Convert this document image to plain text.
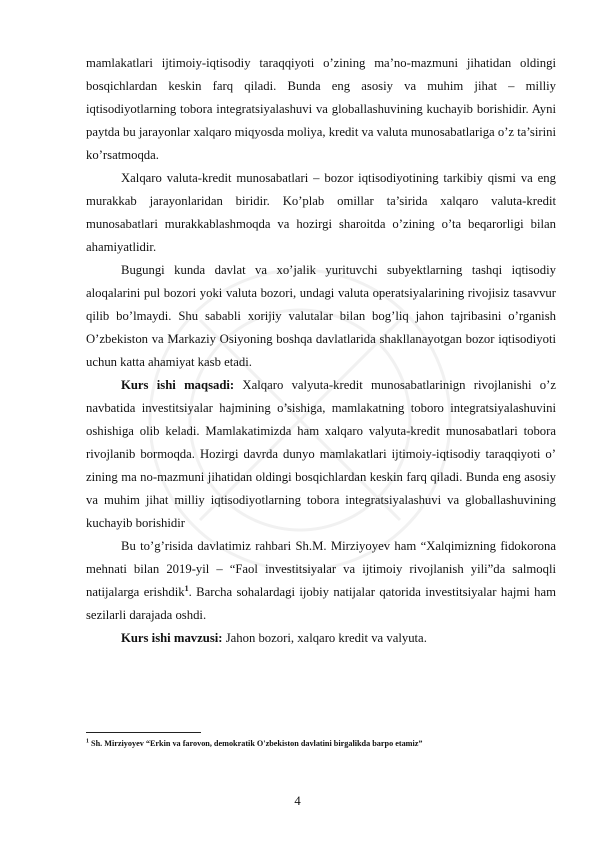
mamlakatlari ijtimoiy-iqtisodiy taraqqiyoti o’zining ma’no-mazmuni jihatidan oldingi bosqichlardan keskin farq qiladi. Bunda eng asosiy va muhim jihat – milliy iqtisodiyotlarning tobora integratsiyalashuvi va globallashuvining kuchayib borishidir. Ayni paytda bu jarayonlar xalqaro miqyosda moliya, kredit va valuta munosabatlariga o’z ta’sirini ko’rsatmoqda.

Xalqaro valuta-kredit munosabatlari – bozor iqtisodiyotining tarkibiy qismi va eng murakkab jarayonlaridan biridir. Ko’plab omillar ta’sirida xalqaro valuta-kredit munosabatlari murakkablashmoqda va hozirgi sharoitda o’zining o’ta beqarorligi bilan ahamiyatlidir.

Bugungi kunda davlat va xo’jalik yurituvchi subyektlarning tashqi iqtisodiy aloqalarini pul bozori yoki valuta bozori, undagi valuta operatsiyalarining rivojisiz tasavvur qilib bo’lmaydi. Shu sababli xorijiy valutalar bilan bog’liq jahon tajribasini o’rganish O’zbekiston va Markaziy Osiyoning boshqa davlatlarida shakllanayotgan bozor iqtisodiyoti uchun katta ahamiyat kasb etadi.

Kurs ishi maqsadi: Xalqaro valyuta-kredit munosabatlarinign rivojlanishi o’z navbatida investitsiyalar hajmining o’sishiga, mamlakatning toboro integratsiyalashuvini oshishiga olib keladi. Mamlakatimizda ham xalqaro valyuta-kredit munosabatlari tobora rivojlanib bormoqda. Hozirgi davrda dunyo mamlakatlari ijtimoiy-iqtisodiy taraqqiyoti o’ zining ma no-mazmuni jihatidan oldingi bosqichlardan keskin farq qiladi. Bunda eng asosiy va muhim jihat milliy iqtisodiyotlarning tobora integratsiyalashuvi va globallashuvining kuchayib borishidir

Bu to’g’risida davlatimiz rahbari Sh.M. Mirziyoyev ham “Xalqimizning fidokorona mehnati bilan 2019-yil – “Faol investitsiyalar va ijtimoiy rivojlanish yili”da salmoqli natijalarga erishdik$^1$. Barcha sohalardagi ijobiy natijalar qatorida investitsiyalar hajmi ham sezilarli darajada oshdi.

Kurs ishi mavzusi: Jahon bozori, xalqaro kredit va valyuta.

$^1$ Sh. Mirziyoyev “Erkin va farovon, demokratik O'zbekiston davlatini birgalikda barpo etamiz”
4
